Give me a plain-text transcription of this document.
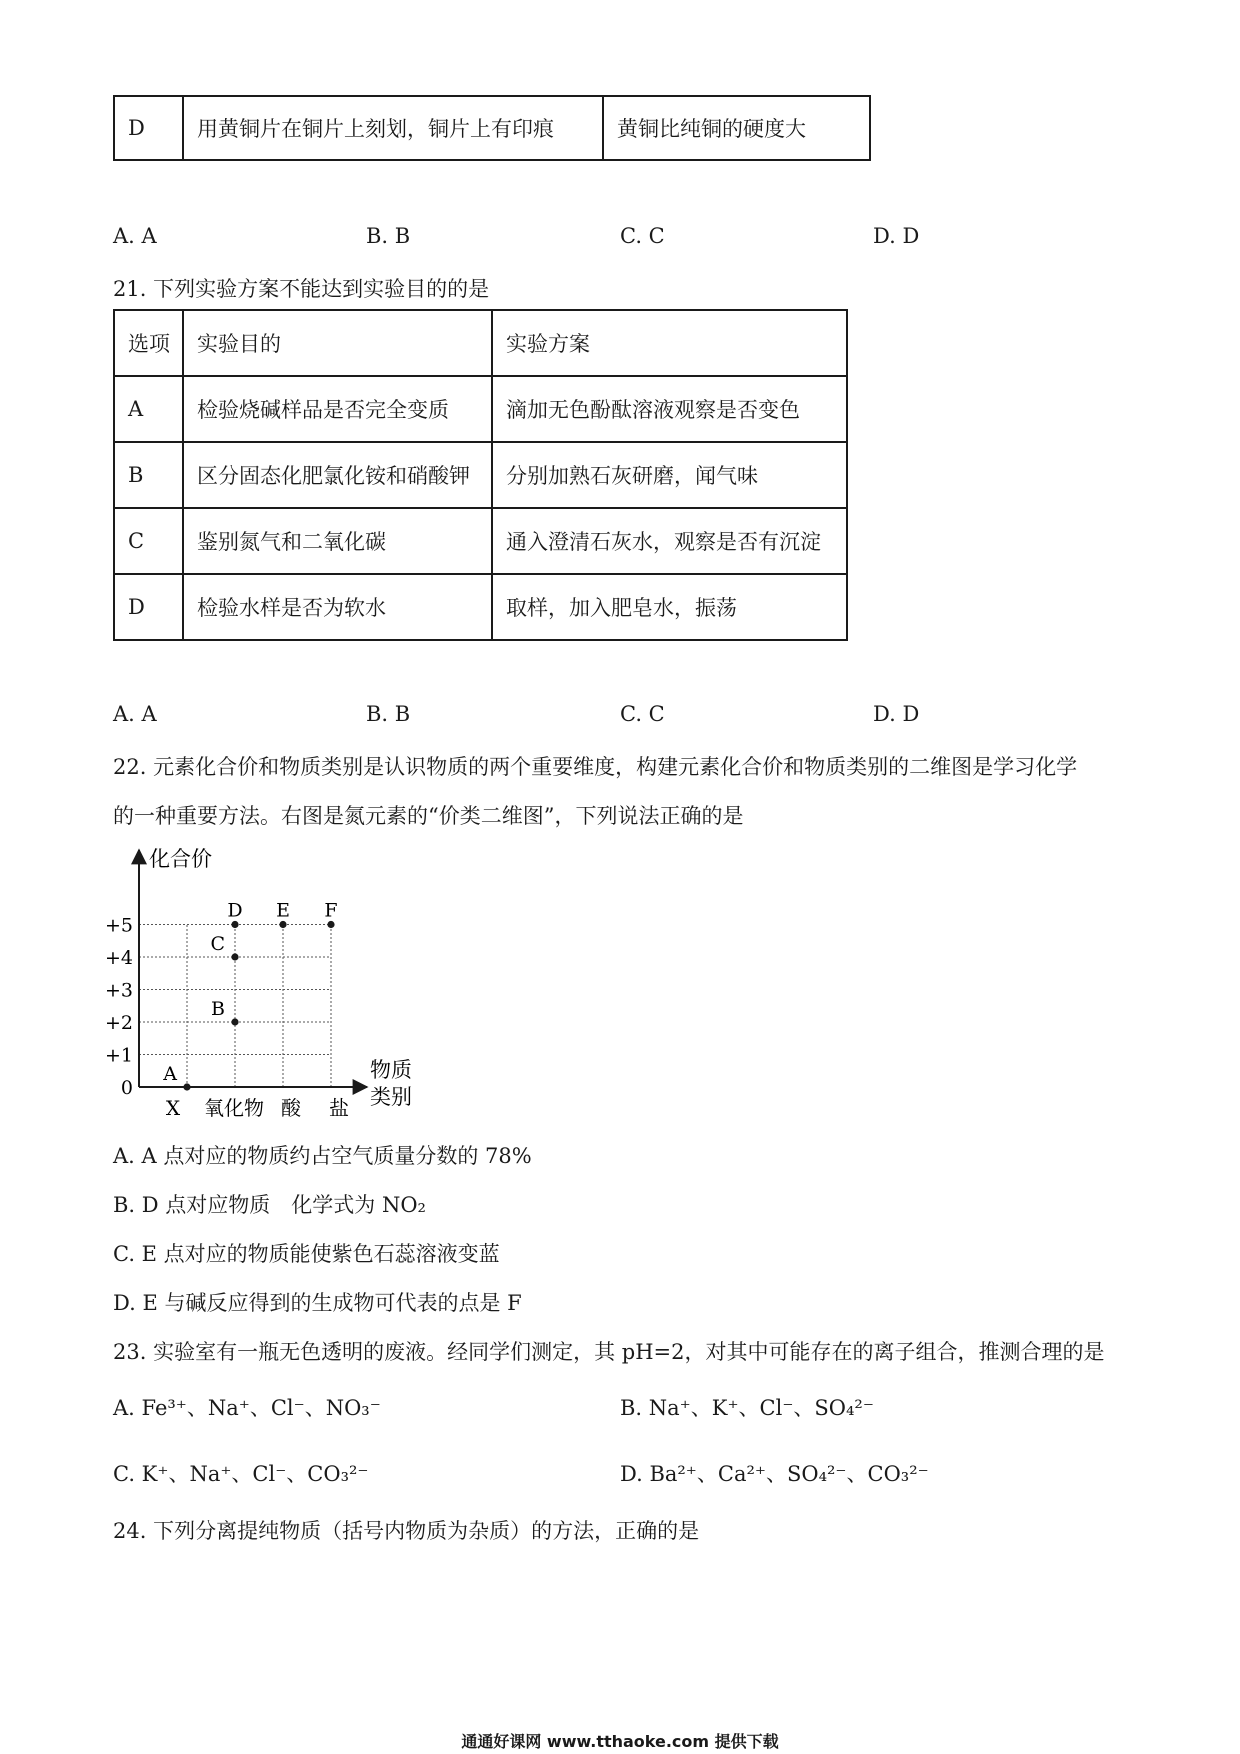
D	用黄铜片在铜片上刻划，铜片上有印痕	黄铜比纯铜的硬度大
A. A	B. B	C. C	D. D
21. 下列实验方案不能达到实验目的的是
选项	实验目的	实验方案
A	检验烧碱样品是否完全变质	滴加无色酚酞溶液观察是否变色
B	区分固态化肥氯化铵和硝酸钾	分别加熟石灰研磨，闻气味
C	鉴别氮气和二氧化碳	通入澄清石灰水，观察是否有沉淀
D	检验水样是否为软水	取样，加入肥皂水，振荡
A. A	B. B	C. C	D. D
22. 元素化合价和物质类别是认识物质的两个重要维度，构建元素化合价和物质类别的二维图是学习化学
的一种重要方法。右图是氮元素的“价类二维图”，下列说法正确的是
化合价
物质
类别
0
+1
+2
+3
+4
+5
X 氧化物 酸 盐
A
B
C
D E F
A. A 点对应的物质约占空气质量分数的 78%
B. D 点对应物质　化学式为 NO₂
C. E 点对应的物质能使紫色石蕊溶液变蓝
D. E 与碱反应得到的生成物可代表的点是 F
23. 实验室有一瓶无色透明的废液。经同学们测定，其 pH=2，对其中可能存在的离子组合，推测合理的是
A. Fe³⁺、Na⁺、Cl⁻、NO₃⁻	B. Na⁺、K⁺、Cl⁻、SO₄²⁻
C. K⁺、Na⁺、Cl⁻、CO₃²⁻	D. Ba²⁺、Ca²⁺、SO₄²⁻、CO₃²⁻
24. 下列分离提纯物质（括号内物质为杂质）的方法，正确的是
通通好课网 www.tthaoke.com 提供下载
